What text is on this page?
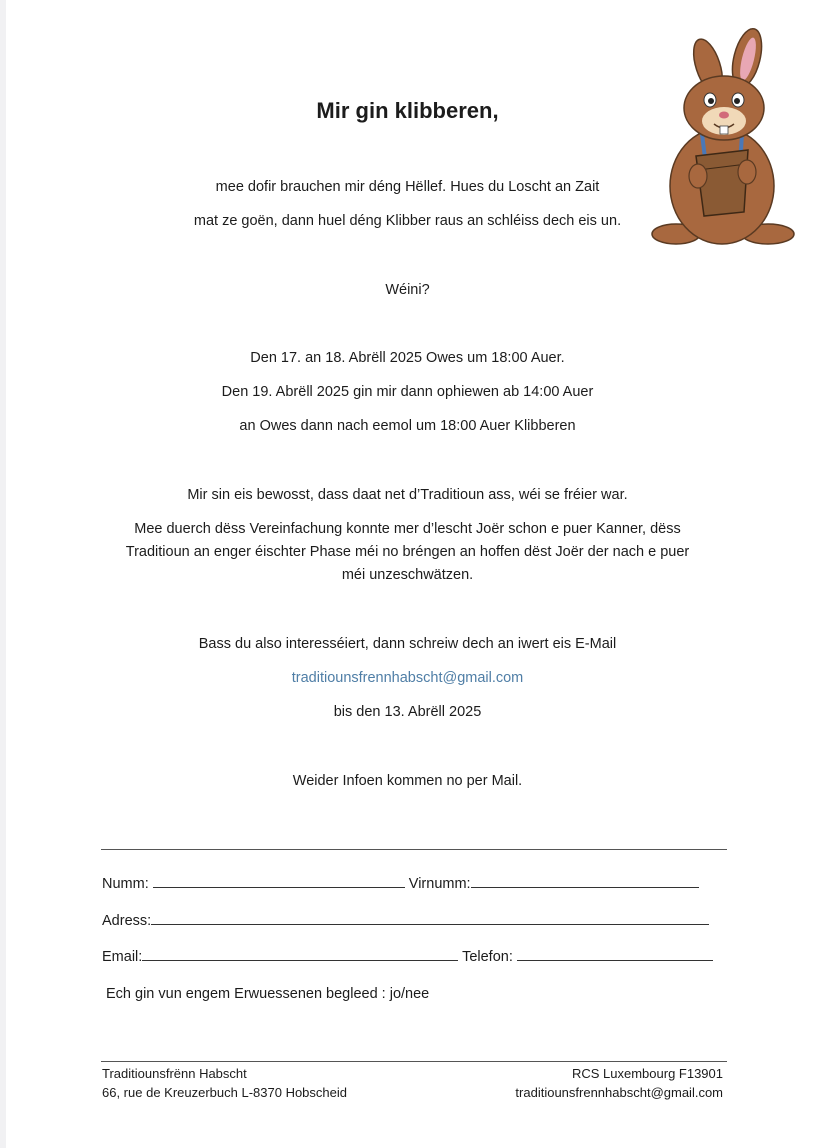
Mir gin klibberen,
mee dofir brauchen mir déng Hëllef. Hues du Loscht an Zait
mat ze goën, dann huel déng Klibber raus an schléiss dech eis un.
Wéini?
Den 17. an 18. Abrëll 2025 Owes um 18:00 Auer.
Den 19. Abrëll 2025 gin mir dann ophiewen ab 14:00 Auer
an Owes dann nach eemol um 18:00 Auer Klibberen
Mir sin eis bewosst, dass daat net d’Traditioun ass, wéi se fréier war.
Mee duerch dëss Vereinfachung konnte mer d’lescht Joër schon e puer Kanner, dëss
Traditioun an enger éischter Phase méi no bréngen an hoffen dëst Joër der nach e puer
méi unzeschwätzen.
Bass du also interesséiert, dann schreiw dech an iwert eis E-Mail
traditiounsfrennhabscht@gmail.com
bis den 13. Abrëll 2025
Weider Infoen kommen no per Mail.
Numm:	Virnumm:
Adress:
Email:	Telefon:
Ech gin vun engem Erwuessenen begleed : jo/nee
Traditiounsfrënn Habscht
66, rue de Kreuzerbuch L-8370 Hobscheid
RCS Luxembourg F13901
traditiounsfrennhabscht@gmail.com
